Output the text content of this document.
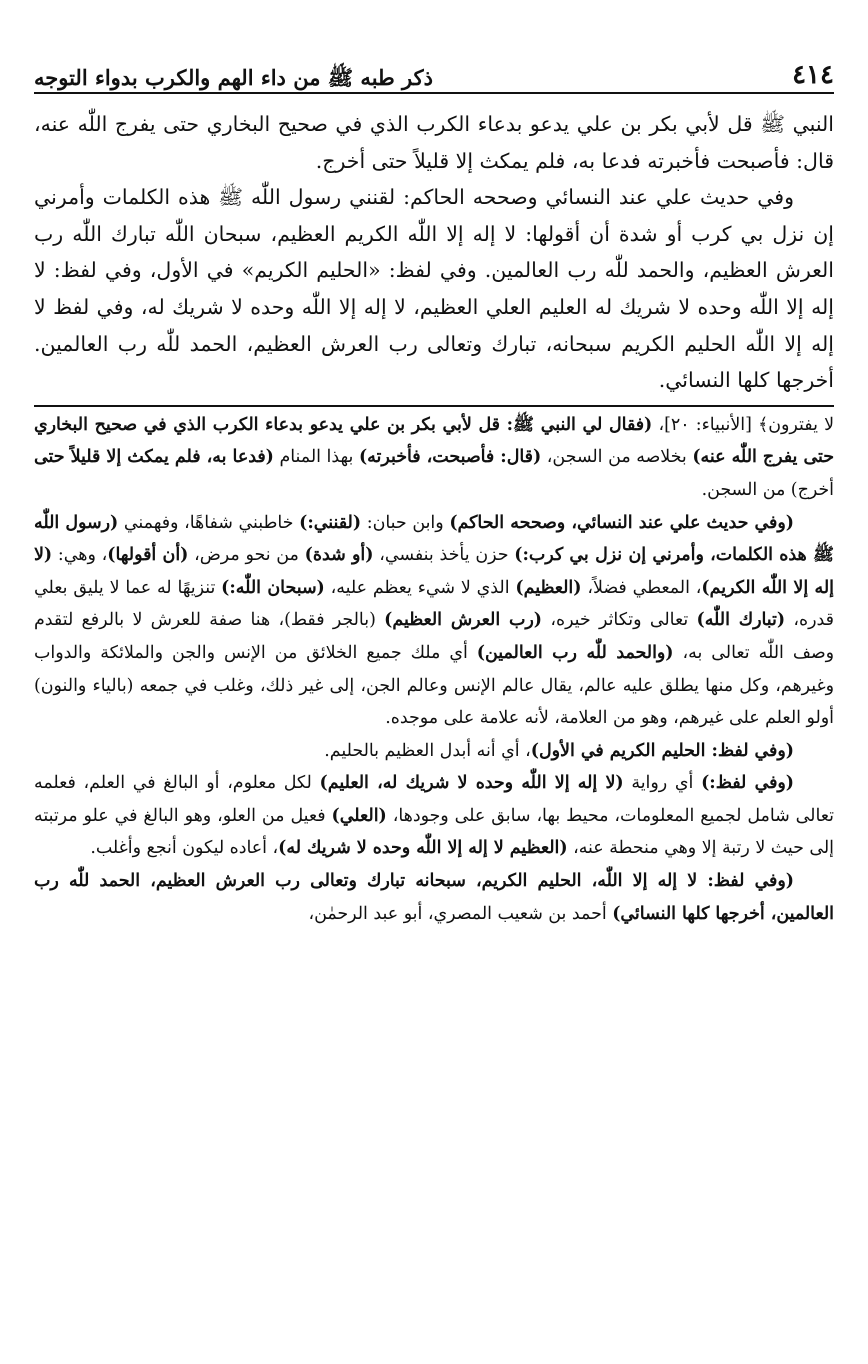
٤١٤
ذكر طبه ﷺ من داء الهم والكرب بدواء التوجه

النبي ﷺ قل لأبي بكر بن علي يدعو بدعاء الكرب الذي في صحيح البخاري حتى يفرج اللّٰه عنه، قال: فأصبحت فأخبرته فدعا به، فلم يمكث إلا قليلاً حتى أخرج.

وفي حديث علي عند النسائي وصححه الحاكم: لقنني رسول اللّٰه ﷺ هذه الكلمات وأمرني إن نزل بي كرب أو شدة أن أقولها: لا إله إلا اللّٰه الكريم العظيم، سبحان اللّٰه تبارك اللّٰه رب العرش العظيم، والحمد للّٰه رب العالمين. وفي لفظ: «الحليم الكريم» في الأول، وفي لفظ: لا إله إلا اللّٰه وحده لا شريك له العليم العلي العظيم، لا إله إلا اللّٰه وحده لا شريك له، وفي لفظ لا إله إلا اللّٰه الحليم الكريم سبحانه، تبارك وتعالى رب العرش العظيم، الحمد للّٰه رب العالمين. أخرجها كلها النسائي.

لا يفترون﴾ [الأنبياء: ٢٠]، (فقال لي النبي ﷺ: قل لأبي بكر بن علي يدعو بدعاء الكرب الذي في صحيح البخاري حتى يفرج اللّٰه عنه) بخلاصه من السجن، (قال: فأصبحت، فأخبرته) بهذا المنام (فدعا به، فلم يمكث إلا قليلاً حتى أخرج) من السجن.

(وفي حديث علي عند النسائي، وصححه الحاكم) وابن حبان: (لقنني:) خاطبني شفاهًا، وفهمني (رسول اللّٰه ﷺ هذه الكلمات، وأمرني إن نزل بي كرب:) حزن يأخذ بنفسي، (أو شدة) من نحو مرض، (أن أقولها)، وهي: (لا إله إلا اللّٰه الكريم)، المعطي فضلاً، (العظيم) الذي لا شيء يعظم عليه، (سبحان اللّٰه:) تنزيهًا له عما لا يليق بعلي قدره، (تبارك اللّٰه) تعالى وتكاثر خيره، (رب العرش العظيم) (بالجر فقط)، هنا صفة للعرش لا بالرفع لتقدم وصف اللّٰه تعالى به، (والحمد للّٰه رب العالمين) أي ملك جميع الخلائق من الإنس والجن والملائكة والدواب وغيرهم، وكل منها يطلق عليه عالم، يقال عالم الإنس وعالم الجن، إلى غير ذلك، وغلب في جمعه (بالياء والنون) أولو العلم على غيرهم، وهو من العلامة، لأنه علامة على موجده.

(وفي لفظ: الحليم الكريم في الأول)، أي أنه أبدل العظيم بالحليم.

(وفي لفظ:) أي رواية (لا إله إلا اللّٰه وحده لا شريك له، العليم) لكل معلوم، أو البالغ في العلم، فعلمه تعالى شامل لجميع المعلومات، محيط بها، سابق على وجودها، (العلي) فعيل من العلو، وهو البالغ في علو مرتبته إلى حيث لا رتبة إلا وهي منحطة عنه، (العظيم لا إله إلا اللّٰه وحده لا شريك له)، أعاده ليكون أنجع وأغلب.

(وفي لفظ: لا إله إلا اللّٰه، الحليم الكريم، سبحانه تبارك وتعالى رب العرش العظيم، الحمد للّٰه رب العالمين، أخرجها كلها النسائي) أحمد بن شعيب المصري، أبو عبد الرحمٰن،
